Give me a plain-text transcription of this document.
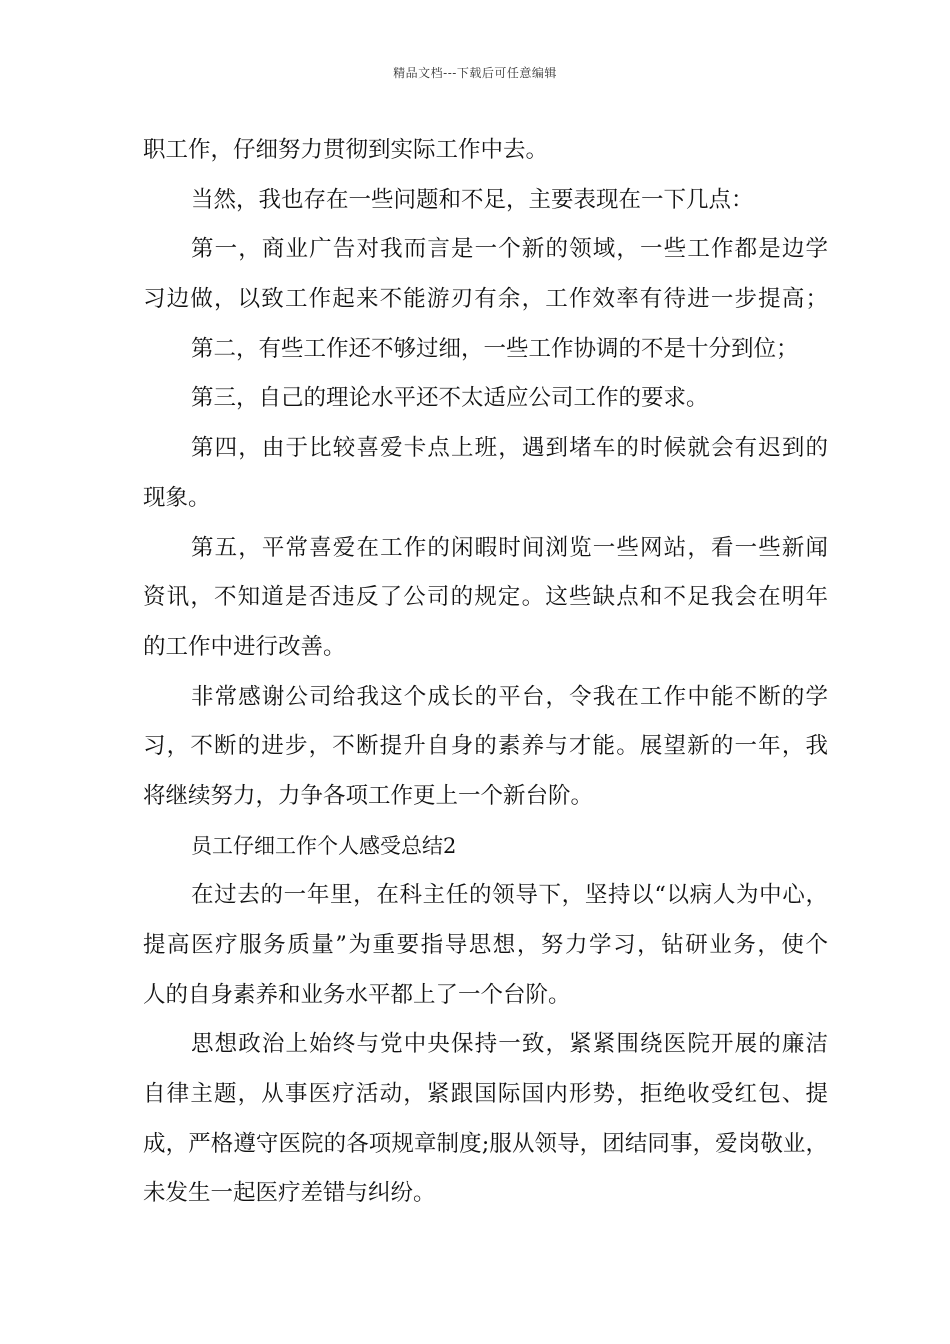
精品文档---下载后可任意编辑
职工作，仔细努力贯彻到实际工作中去。
当然，我也存在一些问题和不足，主要表现在一下几点：
第一，商业广告对我而言是一个新的领域，一些工作都是边学
习边做，以致工作起来不能游刃有余，工作效率有待进一步提高；
第二，有些工作还不够过细，一些工作协调的不是十分到位；
第三，自己的理论水平还不太适应公司工作的要求。
第四，由于比较喜爱卡点上班，遇到堵车的时候就会有迟到的
现象。
第五，平常喜爱在工作的闲暇时间浏览一些网站，看一些新闻
资讯，不知道是否违反了公司的规定。这些缺点和不足我会在明年
的工作中进行改善。
非常感谢公司给我这个成长的平台，令我在工作中能不断的学
习，不断的进步，不断提升自身的素养与才能。展望新的一年，我
将继续努力，力争各项工作更上一个新台阶。
员工仔细工作个人感受总结2
在过去的一年里，在科主任的领导下，坚持以“以病人为中心，
提高医疗服务质量”为重要指导思想，努力学习，钻研业务，使个
人的自身素养和业务水平都上了一个台阶。
思想政治上始终与党中央保持一致，紧紧围绕医院开展的廉洁
自律主题，从事医疗活动，紧跟国际国内形势，拒绝收受红包、提
成，严格遵守医院的各项规章制度;服从领导，团结同事，爱岗敬业，
未发生一起医疗差错与纠纷。
